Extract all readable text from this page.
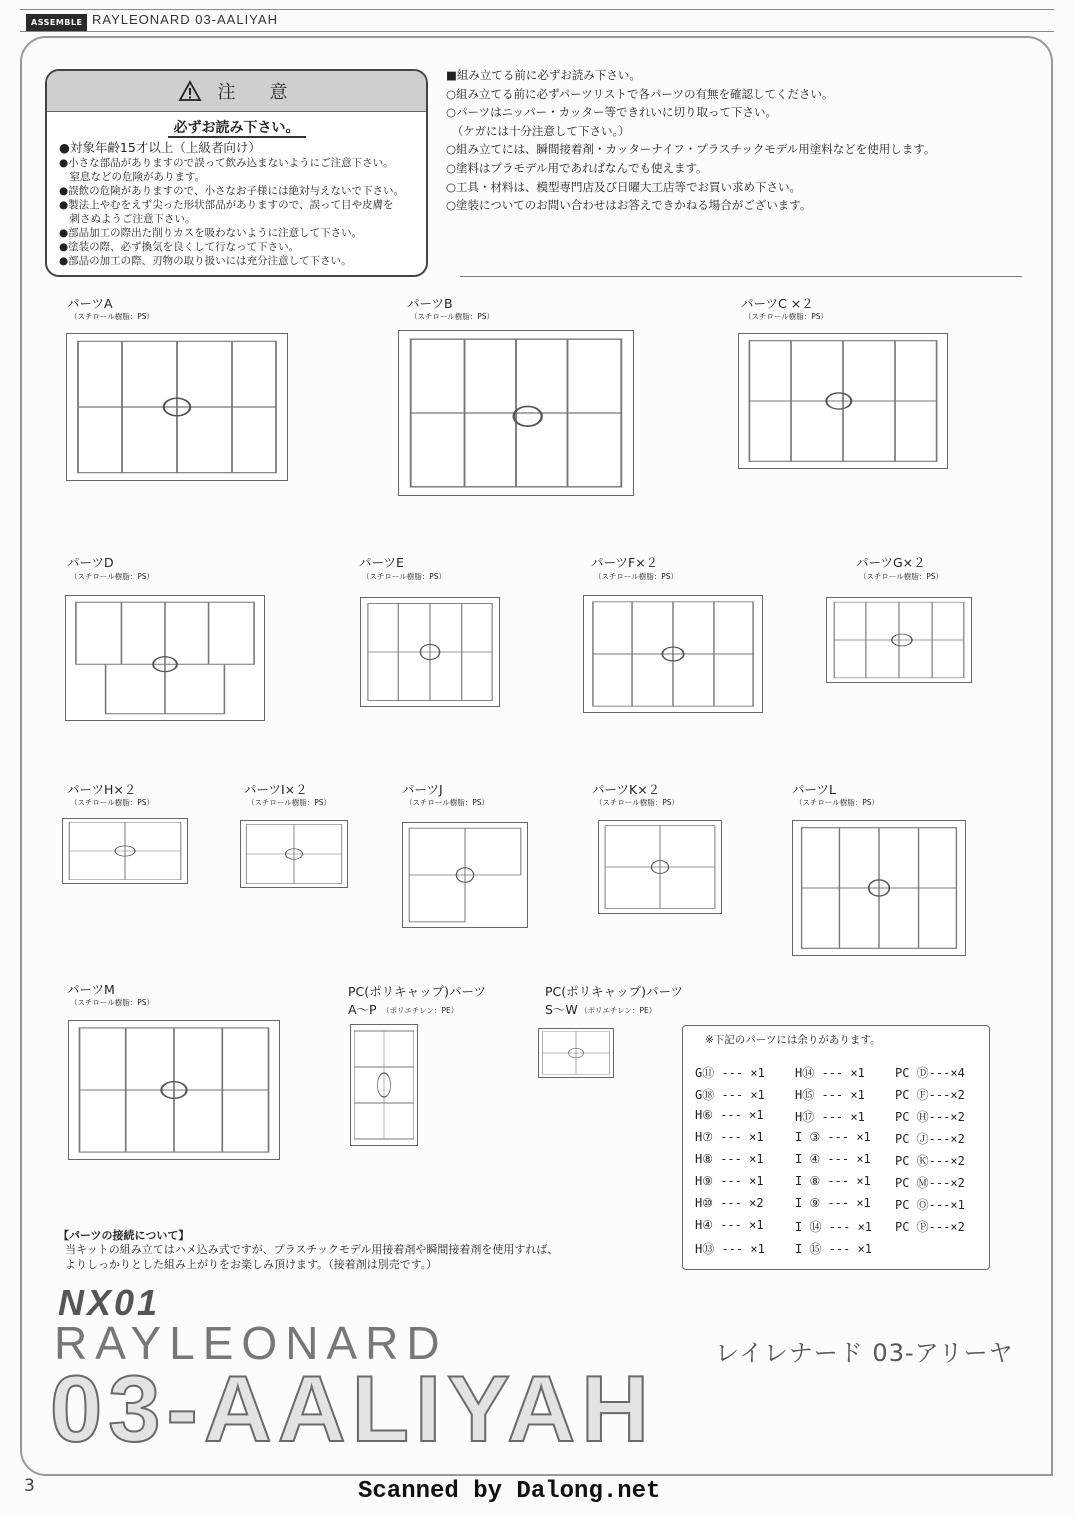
ASSEMBLE RAYLEONARD 03-AALIYAH
注　意
必ずお読み下さい。
●対象年齢15才以上（上級者向け）
●小さな部品がありますので誤って飲み込まないようにご注意下さい。
　窒息などの危険があります。
●誤飲の危険がありますので、小さなお子様には絶対与えないで下さい。
●製法上やむをえず尖った形状部品がありますので、誤って目や皮膚を
　刺さぬようご注意下さい。
●部品加工の際出た削りカスを吸わないように注意して下さい。
●塗装の際、必ず換気を良くして行なって下さい。
●部品の加工の際、刃物の取り扱いには充分注意して下さい。
■組み立てる前に必ずお読み下さい。
○組み立てる前に必ずパーツリストで各パーツの有無を確認してください。
○パーツはニッパー・カッター等できれいに切り取って下さい。
　（ケガには十分注意して下さい。）
○組み立てには、瞬間接着剤・カッターナイフ・プラスチックモデル用塗料などを使用します。
○塗料はプラモデル用であればなんでも使えます。
○工具・材料は、模型専門店及び日曜大工店等でお買い求め下さい。
○塗装についてのお問い合わせはお答えできかねる場合がございます。
パーツA
（スチロール樹脂：PS）
パーツB
（スチロール樹脂：PS）
パーツC ×２
（スチロール樹脂：PS）
パーツD
（スチロール樹脂：PS）
パーツE
（スチロール樹脂：PS）
パーツF×２
（スチロール樹脂：PS）
パーツG×２
（スチロール樹脂：PS）
パーツH×２
（スチロール樹脂：PS）
パーツI×２
（スチロール樹脂：PS）
パーツJ
（スチロール樹脂：PS）
パーツK×２
（スチロール樹脂：PS）
パーツL
（スチロール樹脂：PS）
パーツM
（スチロール樹脂：PS）
PC(ポリキャップ)パーツ
A～P （ポリエチレン：PE）
PC(ポリキャップ)パーツ
S～W （ポリエチレン：PE）
【パーツの接続について】
当キットの組み立てはハメ込み式ですが、プラスチックモデル用接着剤や瞬間接着剤を使用すれば、
よりしっかりとした組み上がりをお楽しみ頂けます。（接着剤は別売です。）
※下記のパーツには余りがあります。
G⑪ --- ×1
G⑱ --- ×1
H⑥ --- ×1
H⑦ --- ×1
H⑧ --- ×1
H⑨ --- ×1
H⑩ --- ×2
H④ --- ×1
H⑬ --- ×1
H⑭ --- ×1
H⑮ --- ×1
H⑰ --- ×1
I ③ --- ×1
I ④ --- ×1
I ⑧ --- ×1
I ⑨ --- ×1
I ⑭ --- ×1
I ⑮ --- ×1
PC Ⓓ---×4
PC Ⓕ---×2
PC Ⓗ---×2
PC Ⓙ---×2
PC Ⓚ---×2
PC Ⓜ---×2
PC Ⓞ---×1
PC Ⓟ---×2
NX01
RAYLEONARD	レイレナード 03-アリーヤ
03-AALIYAH
3	Scanned by Dalong.net
